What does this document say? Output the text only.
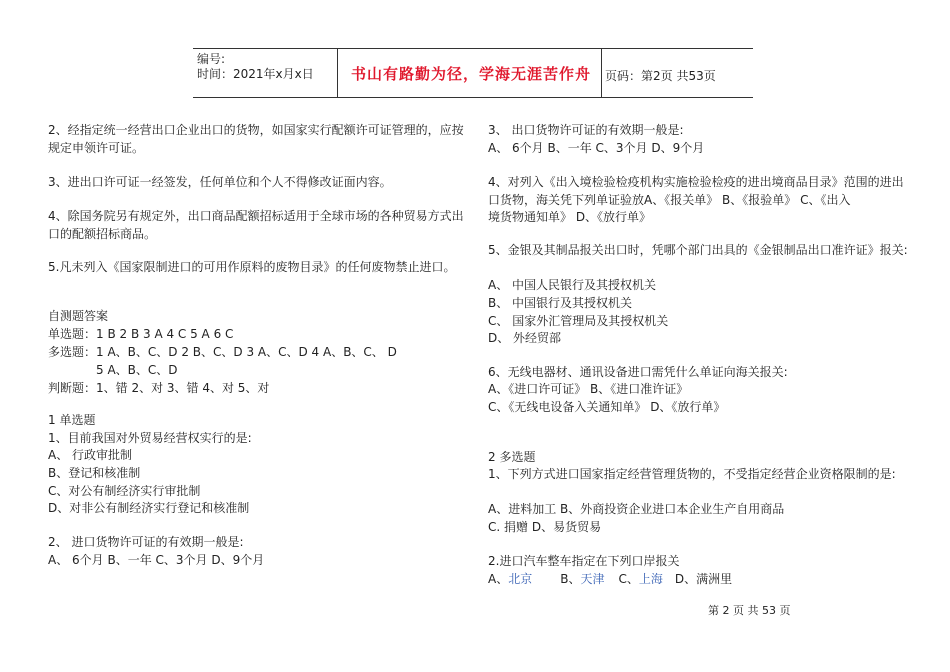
编号:
时间：2021年x月x日	书山有路勤为径，学海无涯苦作舟	页码：第2页 共53页
2、经指定统一经营出口企业出口的货物，如国家实行配额许可证管理的，应按
规定申领许可证。
3、进出口许可证一经签发，任何单位和个人不得修改证面内容。
4、除国务院另有规定外，出口商品配额招标适用于全球市场的各种贸易方式出
口的配额招标商品。
5.凡未列入《国家限制进口的可用作原料的废物目录》的任何废物禁止进口。
自测题答案
单选题：1 B 2 B 3 A 4 C 5 A 6 C
多选题：1 A、B、C、D 2 B、C、D 3 A、C、D 4 A、B、C、 D
5 A、B、C、D
判断题：1、错 2、对 3、错 4、对 5、对
1 单选题
1、目前我国对外贸易经营权实行的是:
A、 行政审批制
B、登记和核准制
C、对公有制经济实行审批制
D、对非公有制经济实行登记和核准制
2、 进口货物许可证的有效期一般是:
A、 6个月 B、一年 C、3个月 D、9个月
3、 出口货物许可证的有效期一般是:
A、 6个月 B、一年 C、3个月 D、9个月
4、对列入《出入境检验检疫机构实施检验检疫的进出境商品目录》范围的进出
口货物，海关凭下列单证验放A、《报关单》 B、《报验单》 C、《出入
境货物通知单》 D、《放行单》
5、金银及其制品报关出口时，凭哪个部门出具的《金银制品出口准许证》报关:
A、 中国人民银行及其授权机关
B、 中国银行及其授权机关
C、 国家外汇管理局及其授权机关
D、 外经贸部
6、无线电器材、通讯设备进口需凭什么单证向海关报关:
A、《进口许可证》 B、《进口准许证》
C、《无线电设备入关通知单》 D、《放行单》
2 多选题
1、下列方式进口国家指定经营管理货物的，不受指定经营企业资格限制的是:
A、进料加工 B、外商投资企业进口本企业生产自用商品
C. 捐赠 D、易货贸易
2.进口汽车整车指定在下列口岸报关
A、北京 B、天津 C、上海 D、满洲里
第 2 页 共 53 页
